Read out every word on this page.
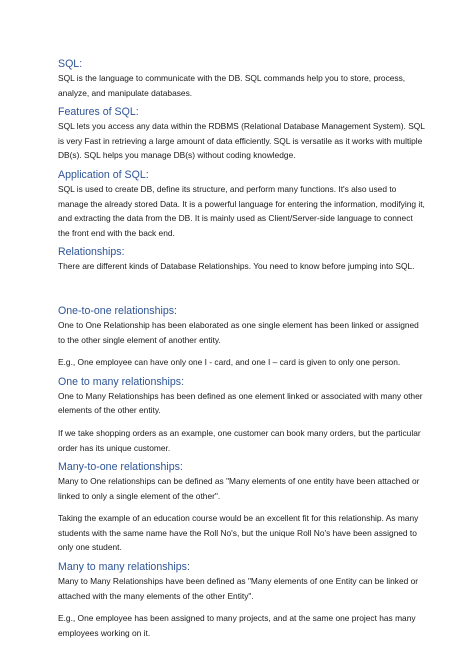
SQL:

SQL is the language to communicate with the DB. SQL commands help you to store, process, analyze, and manipulate databases.

Features of SQL:

SQL lets you access any data within the RDBMS (Relational Database Management System). SQL is very Fast in retrieving a large amount of data efficiently. SQL is versatile as it works with multiple DB(s). SQL helps you manage DB(s) without coding knowledge.

Application of SQL:

SQL is used to create DB, define its structure, and perform many functions. It's also used to manage the already stored Data. It is a powerful language for entering the information, modifying it, and extracting the data from the DB. It is mainly used as Client/Server-side language to connect the front end with the back end.

Relationships:

There are different kinds of Database Relationships. You need to know before jumping into SQL.

One-to-one relationships:

One to One Relationship has been elaborated as one single element has been linked or assigned to the other single element of another entity.

E.g., One employee can have only one I - card, and one I – card is given to only one person.

One to many relationships:

One to Many Relationships has been defined as one element linked or associated with many other elements of the other entity.

If we take shopping orders as an example, one customer can book many orders, but the particular order has its unique customer.

Many-to-one relationships:

Many to One relationships can be defined as "Many elements of one entity have been attached or linked to only a single element of the other".

Taking the example of an education course would be an excellent fit for this relationship. As many students with the same name have the Roll No's, but the unique Roll No's have been assigned to only one student.

Many to many relationships:

Many to Many Relationships have been defined as "Many elements of one Entity can be linked or attached with the many elements of the other Entity".

E.g., One employee has been assigned to many projects, and at the same one project has many employees working on it.
